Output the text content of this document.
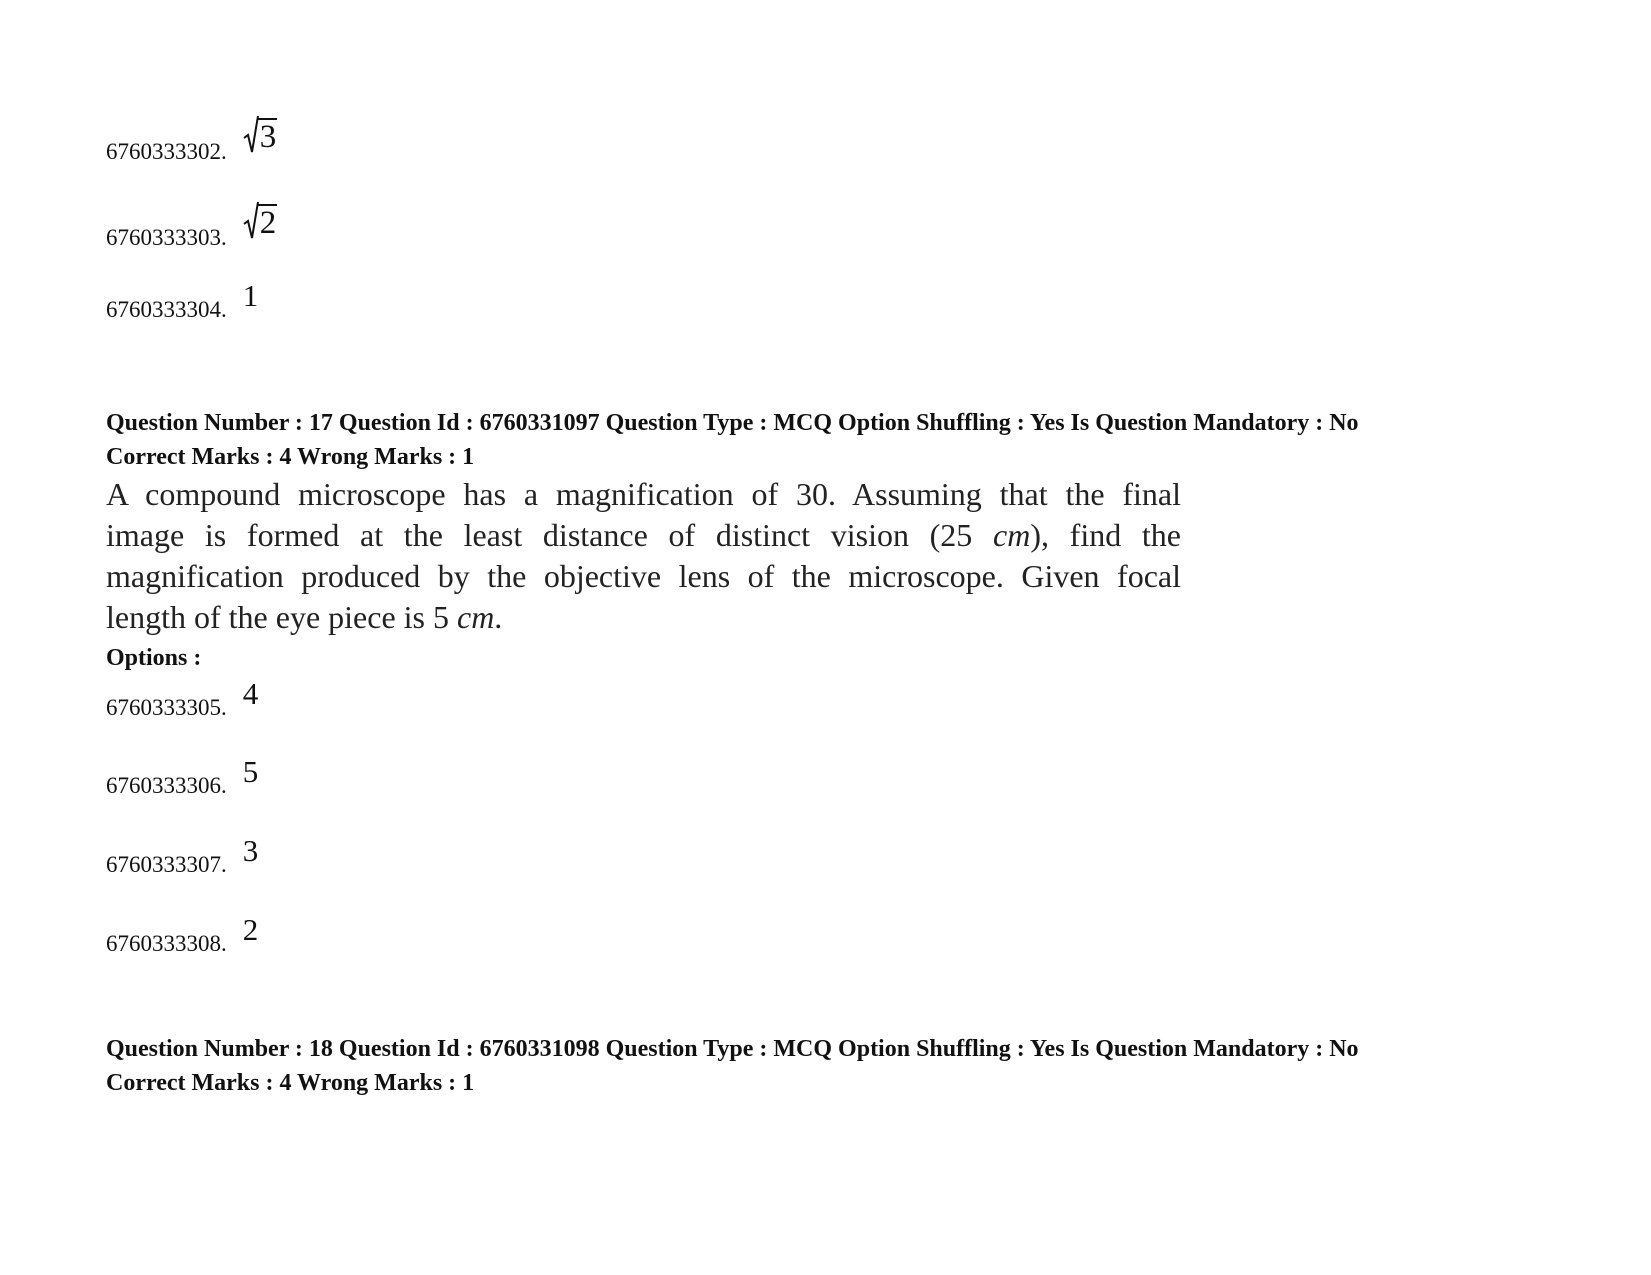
6760333302. 3
6760333303. 2
6760333304. 1
Question Number : 17 Question Id : 6760331097 Question Type : MCQ Option Shuffling : Yes Is Question Mandatory : No
Correct Marks : 4 Wrong Marks : 1

A compound microscope has a magnification of 30. Assuming that the final

image is formed at the least distance of distinct vision (25 cm), find the

magnification produced by the objective lens of the microscope. Given focal

length of the eye piece is 5 cm.

Options :
6760333305. 4
6760333306. 5
6760333307. 3
6760333308. 2
Question Number : 18 Question Id : 6760331098 Question Type : MCQ Option Shuffling : Yes Is Question Mandatory : No
Correct Marks : 4 Wrong Marks : 1
